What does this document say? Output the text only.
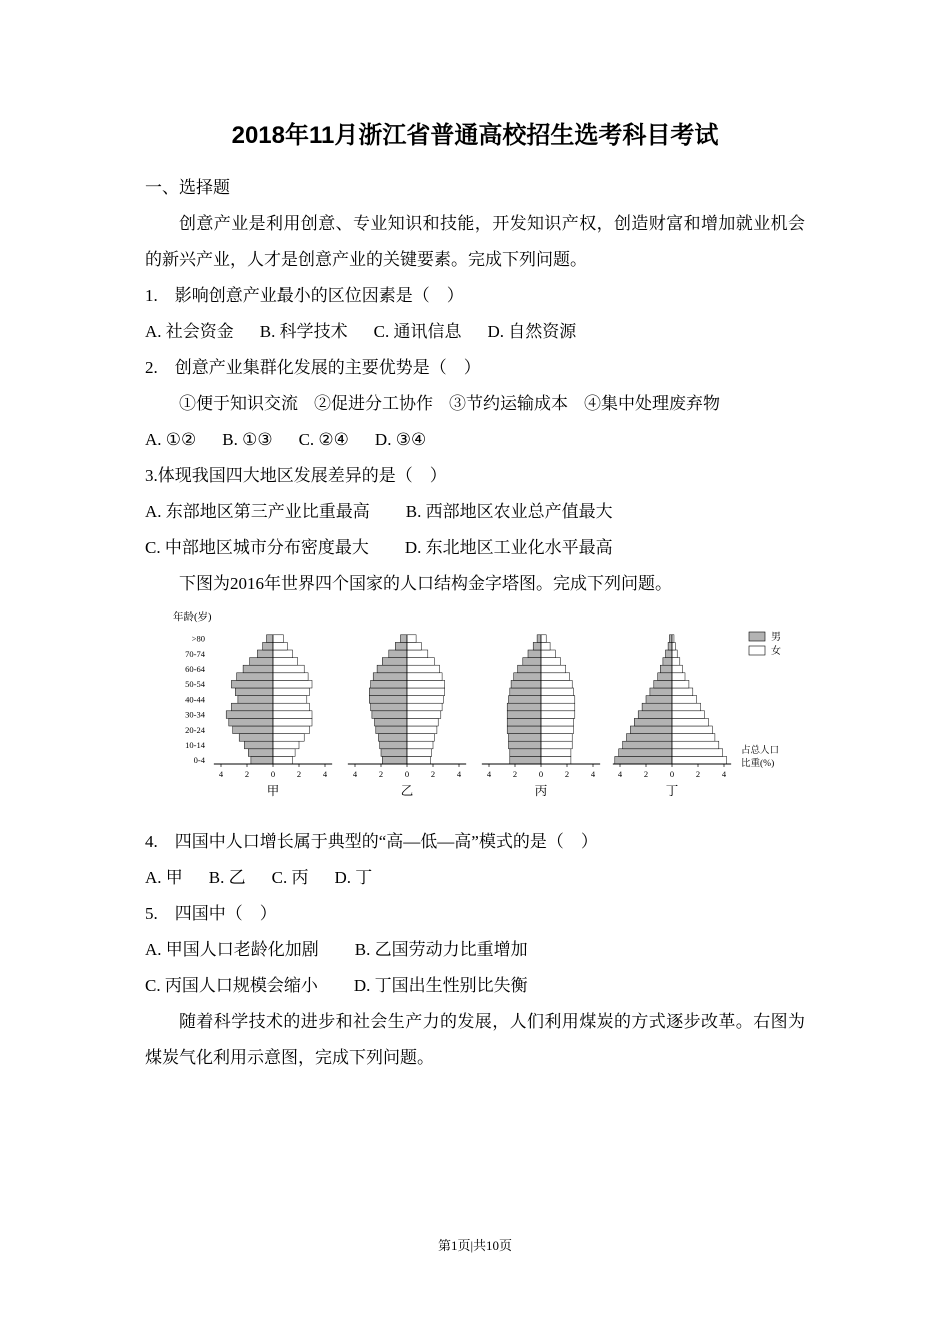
2018年11月浙江省普通高校招生选考科目考试
一、选择题

创意产业是利用创意、专业知识和技能，开发知识产权，创造财富和增加就业机会的新兴产业，人才是创意产业的关键要素。完成下列问题。

1.　影响创意产业·· 最小的区位因素是（　）
A. 社会资金 B. 科学技术 C. 通讯信息 D. 自然资源
2.　创意产业集群化发展的主要优势是（　）
①便于知识交流 ②促进分工协作 ③节约运输成本 ④集中处理废弃物
A. ①② B. ①③ C. ②④ D. ③④
3.体现我国四大地区发展差异的是（　）
A. 东部地区第三产业比重最高 B. 西部地区农业总产值最大
C. 中部地区城市分布密度最大 D. 东北地区工业化水平最高

下图为2016年世界四个国家的人口结构金字塔图。完成下列问题。

年龄(岁)
>80
70-74
60-64
50-54
40-44
30-34
20-24
10-14
0-4
4	2	0	2	4
甲
4	2	0	2	4
乙
4	2	0	2	4
丙
4	2	0	2	4
丁
男
女
占总人口
比重(%)
4.　四国中人口增长属于典型的“高—低—高”模式的是（　）
A. 甲 B. 乙 C. 丙 D. 丁
5.　四国中（　）
A. 甲国人口老龄化加剧 B. 乙国劳动力比重增加
C. 丙国人口规模会缩小 D. 丁国出生性别比失衡

随着科学技术的进步和社会生产力的发展，人们利用煤炭的方式逐步改革。右图为煤炭气化利用示意图，完成下列问题。

第1页|共10页
